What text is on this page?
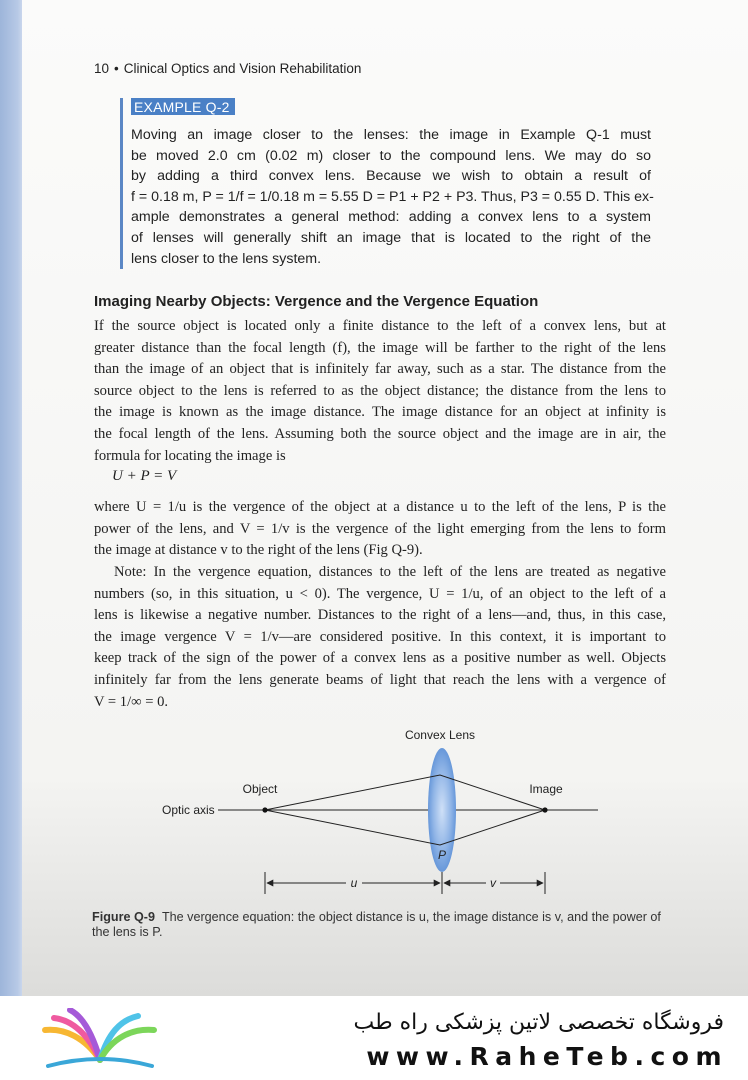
10 • Clinical Optics and Vision Rehabilitation
EXAMPLE Q-2
Moving an image closer to the lenses: the image in Example Q-1 must
be moved 2.0 cm (0.02 m) closer to the compound lens. We may do so
by adding a third convex lens. Because we wish to obtain a result of
f = 0.18 m, P = 1/f = 1/0.18 m = 5.55 D = P1 + P2 + P3. Thus, P3 = 0.55 D. This ex-
ample demonstrates a general method: adding a convex lens to a system
of lenses will generally shift an image that is located to the right of the
lens closer to the lens system.
Imaging Nearby Objects: Vergence and the Vergence Equation
If the source object is located only a finite distance to the left of a convex lens, but at
greater distance than the focal length (f), the image will be farther to the right of the lens
than the image of an object that is infinitely far away, such as a star. The distance from the
source object to the lens is referred to as the object distance; the distance from the lens to
the image is known as the image distance. The image distance for an object at infinity is
the focal length of the lens. Assuming both the source object and the image are in air, the
formula for locating the image is
U + P = V
where U = 1/u is the vergence of the object at a distance u to the left of the lens, P is the
power of the lens, and V = 1/v is the vergence of the light emerging from the lens to form
the image at distance v to the right of the lens (Fig Q-9).
Note: In the vergence equation, distances to the left of the lens are treated as negative
numbers (so, in this situation, u < 0). The vergence, U = 1/u, of an object to the left of a
lens is likewise a negative number. Distances to the right of a lens—and, thus, in this case,
the image vergence V = 1/v—are considered positive. In this context, it is important to
keep track of the sign of the power of a convex lens as a positive number as well. Objects
infinitely far from the lens generate beams of light that reach the lens with a vergence of
V = 1/∞ = 0.
Convex Lens
Object	Image
Optic axis
P
u	v
Figure Q-9 The vergence equation: the object distance is u, the image distance is v, and the power of the lens is P.
فروشگاه تخصصی لاتین پزشکی راه طب
www.RaheTeb.com
